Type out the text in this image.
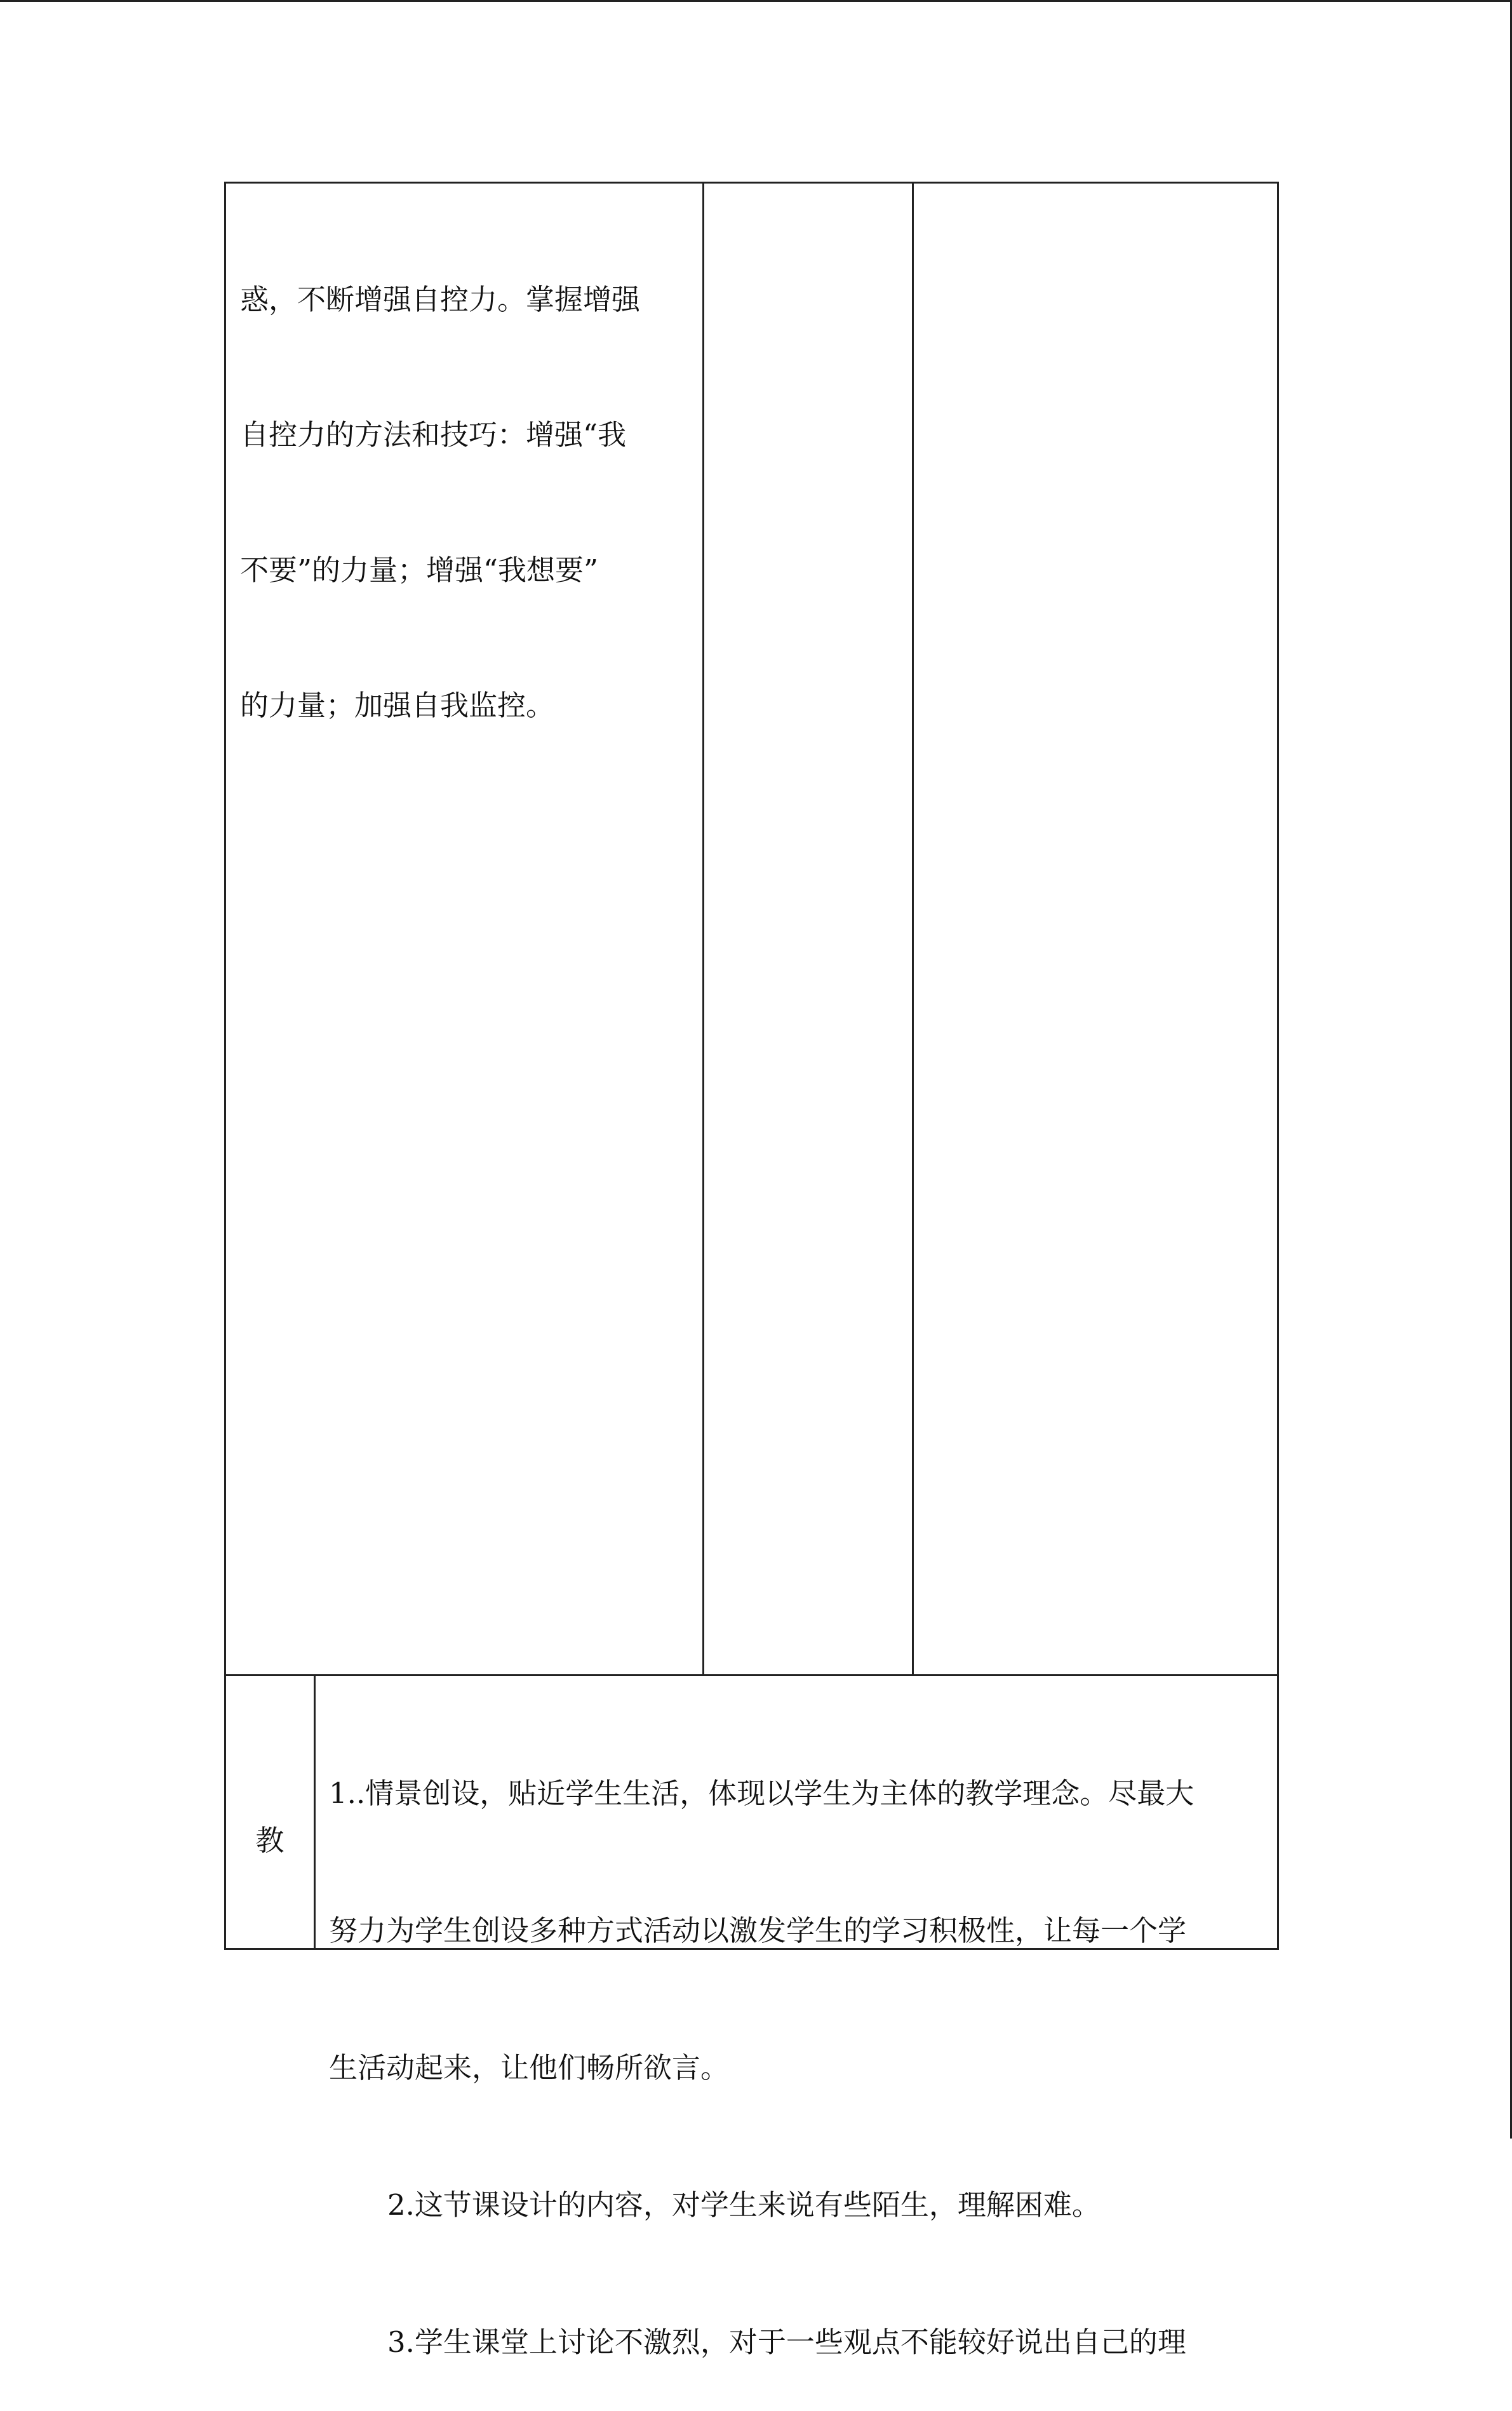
惑，不断增强自控力。掌握增强

自控力的方法和技巧：增强“我

不要”的力量；增强“我想要”

的力量；加强自我监控。

教

1..情景创设，贴近学生生活，体现以学生为主体的教学理念。尽最大

努力为学生创设多种方式活动以激发学生的学习积极性，让每一个学

生活动起来，让他们畅所欲言。

2.这节课设计的内容，对学生来说有些陌生，理解困难。

3.学生课堂上讨论不激烈，对于一些观点不能较好说出自己的理
